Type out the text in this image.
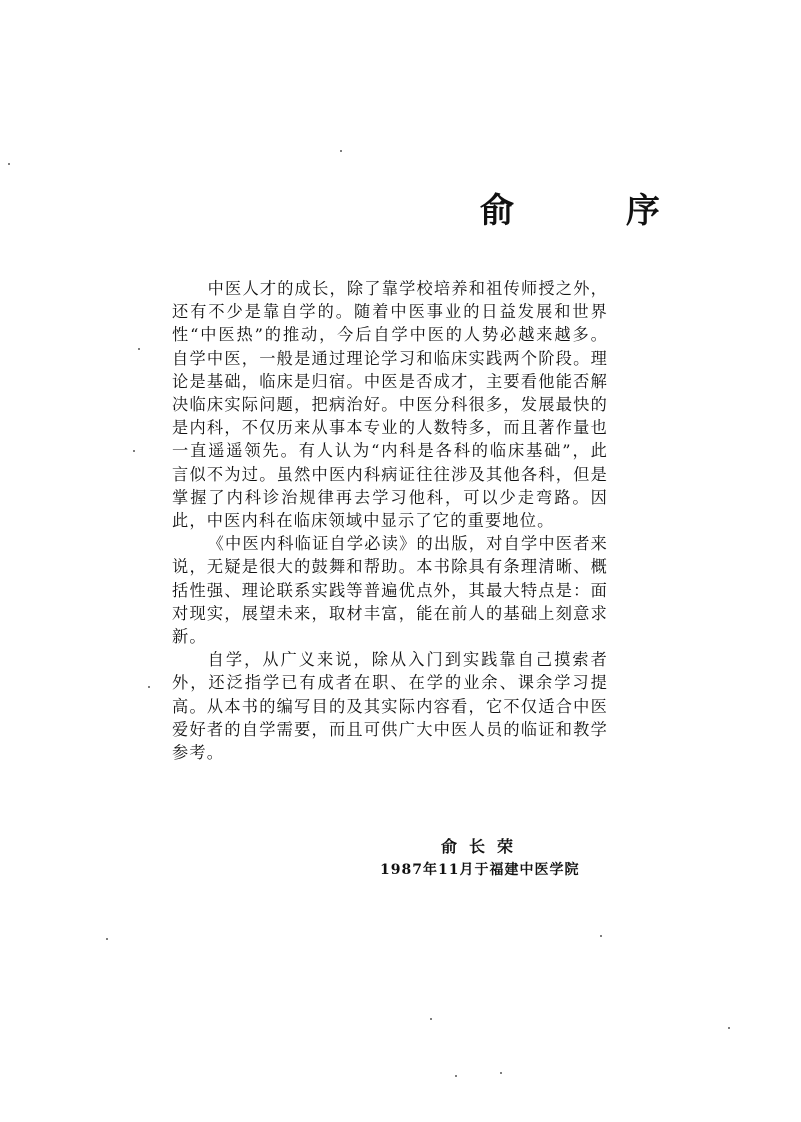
俞 序

中医人才的成长，除了靠学校培养和祖传师授之外，还有不少是靠自学的。随着中医事业的日益发展和世界性“中医热”的推动，今后自学中医的人势必越来越多。自学中医，一般是通过理论学习和临床实践两个阶段。理论是基础，临床是归宿。中医是否成才，主要看他能否解决临床实际问题，把病治好。中医分科很多，发展最快的是内科，不仅历来从事本专业的人数特多，而且著作量也一直遥遥领先。有人认为“内科是各科的临床基础”，此言似不为过。虽然中医内科病证往往涉及其他各科，但是掌握了内科诊治规律再去学习他科，可以少走弯路。因此，中医内科在临床领域中显示了它的重要地位。

《中医内科临证自学必读》的出版，对自学中医者来说，无疑是很大的鼓舞和帮助。本书除具有条理清晰、概括性强、理论联系实践等普遍优点外，其最大特点是：面对现实，展望未来，取材丰富，能在前人的基础上刻意求新。

自学，从广义来说，除从入门到实践靠自己摸索者外，还泛指学已有成者在职、在学的业余、课余学习提高。从本书的编写目的及其实际内容看，它不仅适合中医爱好者的自学需要，而且可供广大中医人员的临证和教学参考。

俞长荣
1987年11月于福建中医学院
